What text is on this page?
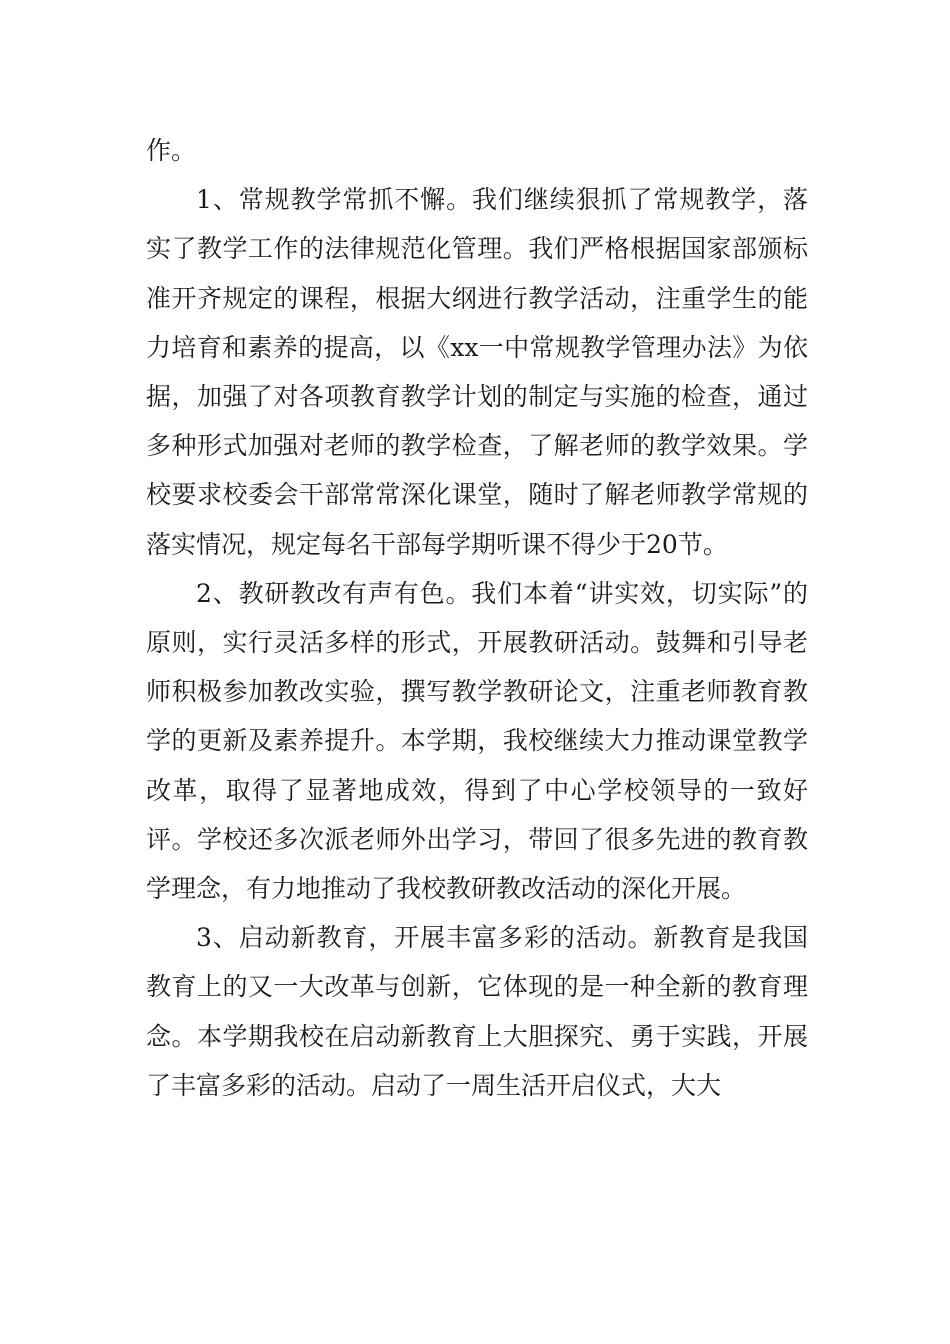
作。

1、常规教学常抓不懈。我们继续狠抓了常规教学，落实了教学工作的法律规范化管理。我们严格根据国家部颁标准开齐规定的课程，根据大纲进行教学活动，注重学生的能力培育和素养的提高，以《xx一中常规教学管理办法》为依据，加强了对各项教育教学计划的制定与实施的检查，通过多种形式加强对老师的教学检查，了解老师的教学效果。学校要求校委会干部常常深化课堂，随时了解老师教学常规的落实情况，规定每名干部每学期听课不得少于20节。

2、教研教改有声有色。我们本着“讲实效，切实际”的原则，实行灵活多样的形式，开展教研活动。鼓舞和引导老师积极参加教改实验，撰写教学教研论文，注重老师教育教学的更新及素养提升。本学期，我校继续大力推动课堂教学改革，取得了显著地成效，得到了中心学校领导的一致好评。学校还多次派老师外出学习，带回了很多先进的教育教学理念，有力地推动了我校教研教改活动的深化开展。

3、启动新教育，开展丰富多彩的活动。新教育是我国教育上的又一大改革与创新，它体现的是一种全新的教育理念。本学期我校在启动新教育上大胆探究、勇于实践，开展了丰富多彩的活动。启动了一周生活开启仪式，大大
